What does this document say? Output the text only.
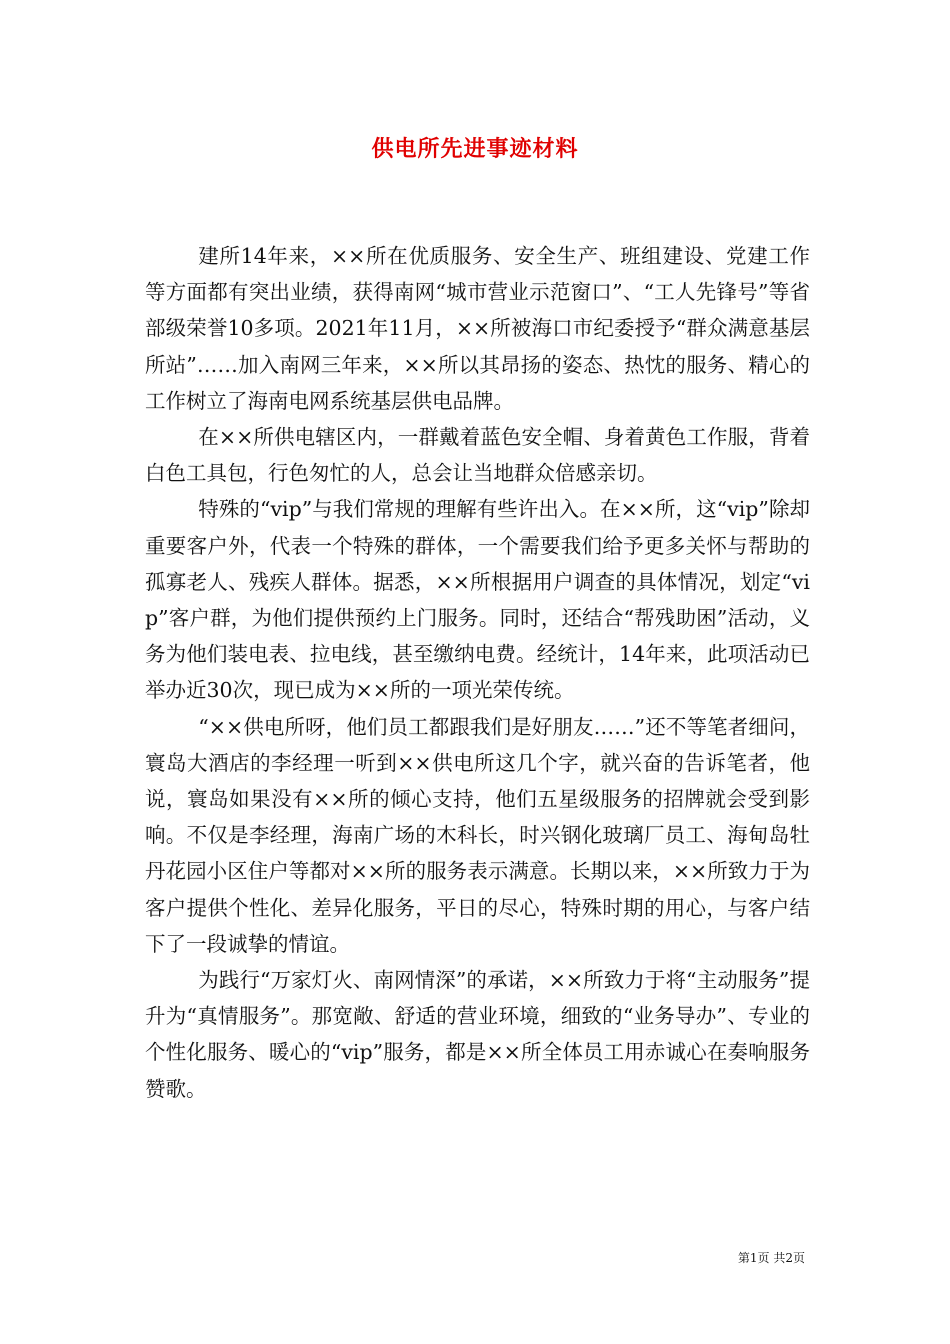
供电所先进事迹材料

建所14年来，××所在优质服务、安全生产、班组建设、党建工作等方面都有突出业绩，获得南网“城市营业示范窗口”、“工人先锋号”等省部级荣誉10多项。2021年11月，××所被海口市纪委授予“群众满意基层所站”……加入南网三年来，××所以其昂扬的姿态、热忱的服务、精心的工作树立了海南电网系统基层供电品牌。

在××所供电辖区内，一群戴着蓝色安全帽、身着黄色工作服，背着白色工具包，行色匆忙的人，总会让当地群众倍感亲切。

特殊的“vip”与我们常规的理解有些许出入。在××所，这“vip”除却重要客户外，代表一个特殊的群体，一个需要我们给予更多关怀与帮助的孤寡老人、残疾人群体。据悉，××所根据用户调查的具体情况，划定“vip”客户群，为他们提供预约上门服务。同时，还结合“帮残助困”活动，义务为他们装电表、拉电线，甚至缴纳电费。经统计，14年来，此项活动已举办近30次，现已成为××所的一项光荣传统。

“××供电所呀，他们员工都跟我们是好朋友……”还不等笔者细问，寰岛大酒店的李经理一听到××供电所这几个字，就兴奋的告诉笔者，他说，寰岛如果没有××所的倾心支持，他们五星级服务的招牌就会受到影响。不仅是李经理，海南广场的木科长，时兴钢化玻璃厂员工、海甸岛牡丹花园小区住户等都对××所的服务表示满意。长期以来，××所致力于为客户提供个性化、差异化服务，平日的尽心，特殊时期的用心，与客户结下了一段诚挚的情谊。

为践行“万家灯火、南网情深”的承诺，××所致力于将“主动服务”提升为“真情服务”。那宽敞、舒适的营业环境，细致的“业务导办”、专业的个性化服务、暖心的“vip”服务，都是××所全体员工用赤诚心在奏响服务赞歌。

第1页 共2页
